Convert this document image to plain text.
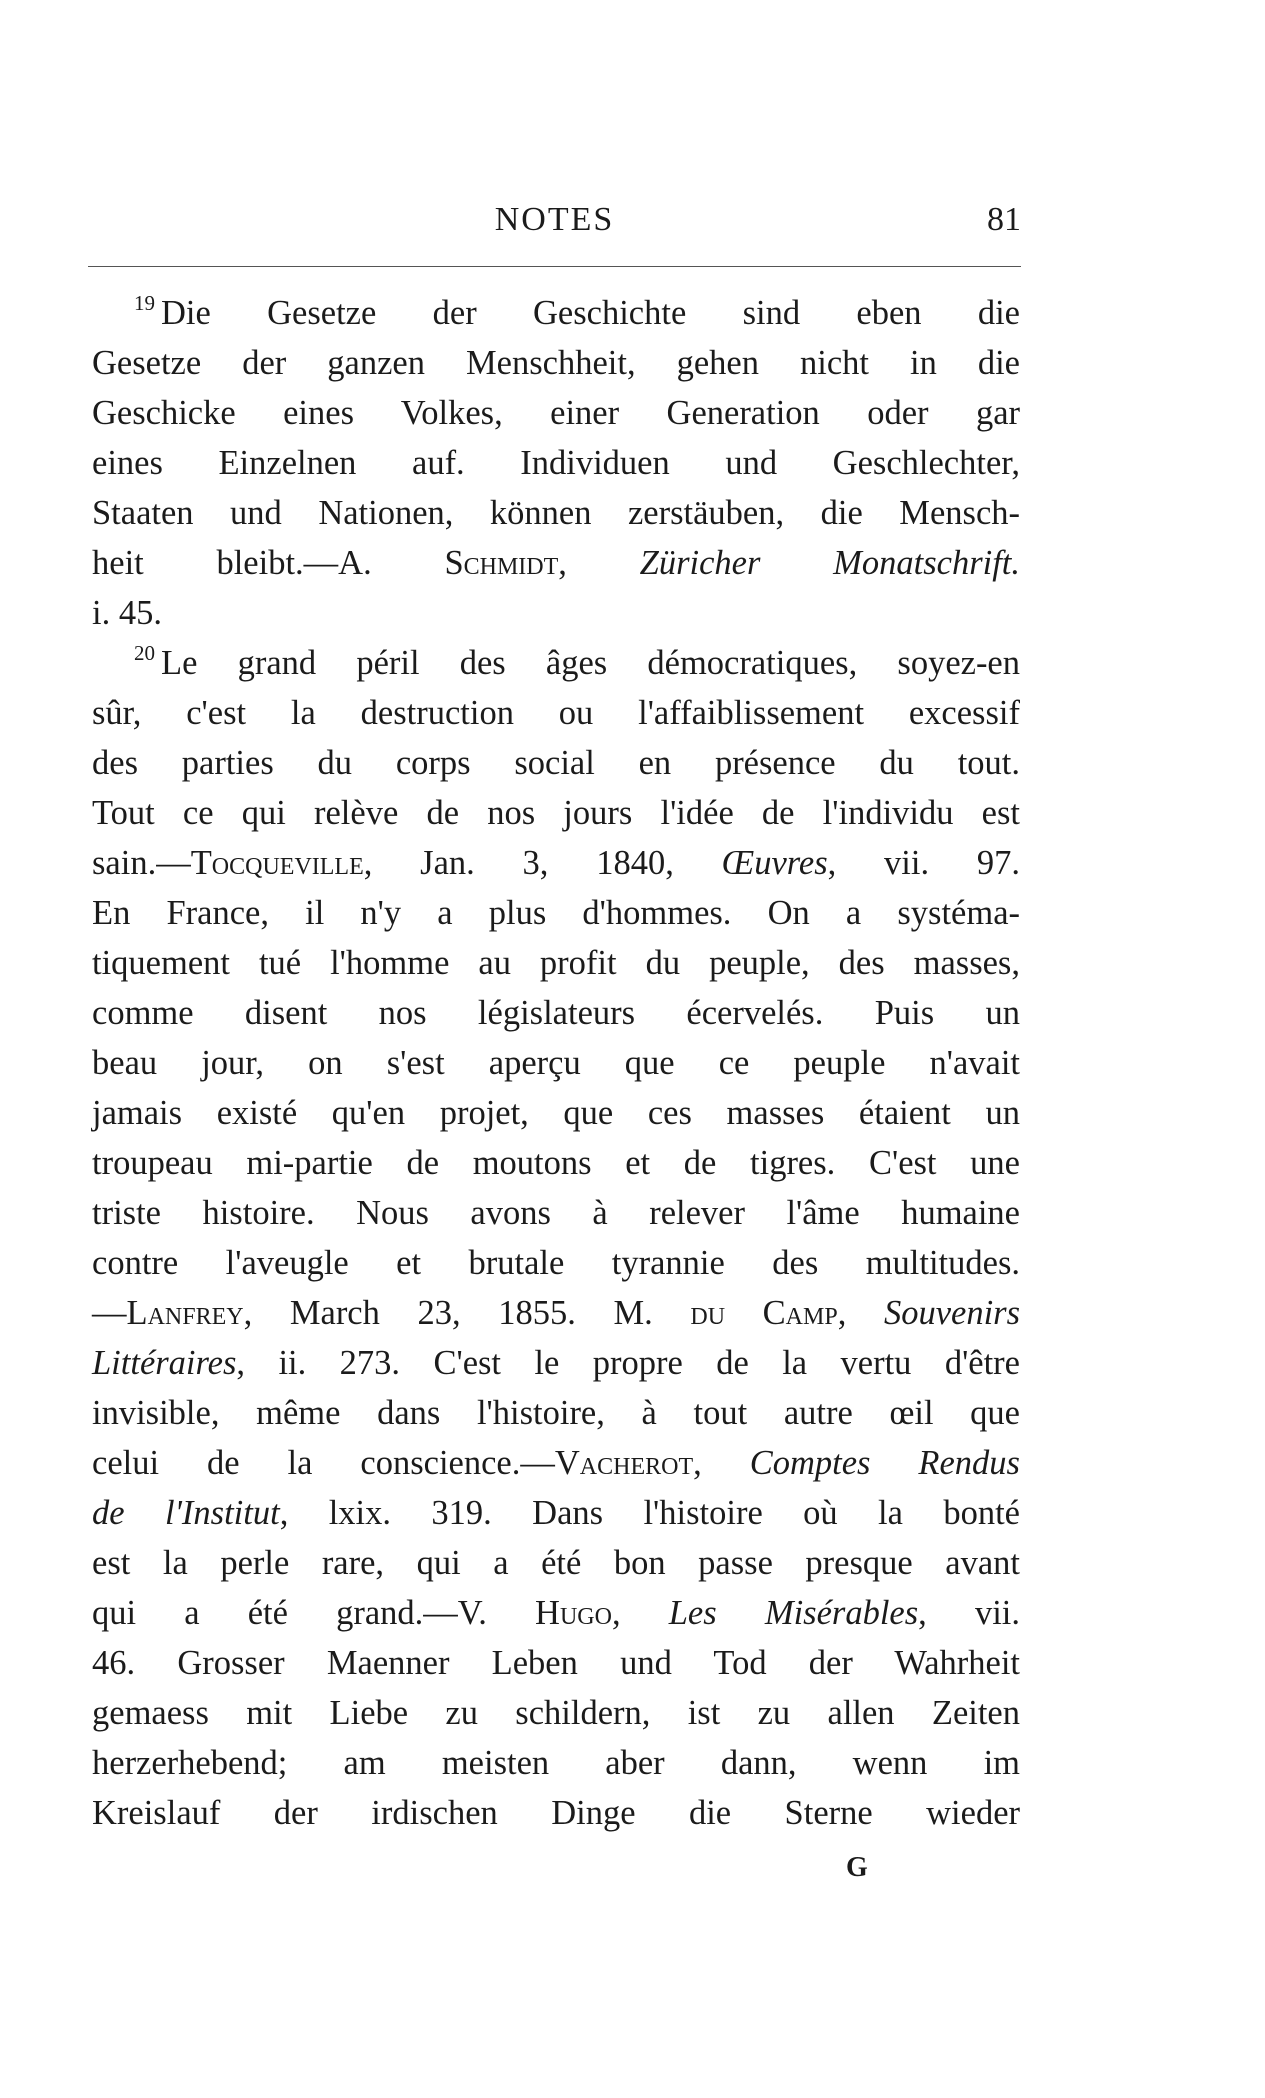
NOTES	81
$^{19}$ Die Gesetze der Geschichte sind eben die
Gesetze der ganzen Menschheit, gehen nicht in die
Geschicke eines Volkes, einer Generation oder gar
eines Einzelnen auf. Individuen und Geschlechter,
Staaten und Nationen, können zerstäuben, die Mensch-
heit bleibt.—A. Schmidt, Züricher Monatschrift.
i. 45.
$^{20}$ Le grand péril des âges démocratiques, soyez-en
sûr, c'est la destruction ou l'affaiblissement excessif
des parties du corps social en présence du tout.
Tout ce qui relève de nos jours l'idée de l'individu est
sain.—Tocqueville, Jan. 3, 1840, Œuvres, vii. 97.
En France, il n'y a plus d'hommes. On a systéma-
tiquement tué l'homme au profit du peuple, des masses,
comme disent nos législateurs écervelés. Puis un
beau jour, on s'est aperçu que ce peuple n'avait
jamais existé qu'en projet, que ces masses étaient un
troupeau mi-partie de moutons et de tigres. C'est une
triste histoire. Nous avons à relever l'âme humaine
contre l'aveugle et brutale tyrannie des multitudes.
—Lanfrey, March 23, 1855. M. du Camp, Souvenirs
Littéraires, ii. 273. C'est le propre de la vertu d'être
invisible, même dans l'histoire, à tout autre œil que
celui de la conscience.—Vacherot, Comptes Rendus
de l'Institut, lxix. 319. Dans l'histoire où la bonté
est la perle rare, qui a été bon passe presque avant
qui a été grand.—V. Hugo, Les Misérables, vii.
46. Grosser Maenner Leben und Tod der Wahrheit
gemaess mit Liebe zu schildern, ist zu allen Zeiten
herzerhebend; am meisten aber dann, wenn im
Kreislauf der irdischen Dinge die Sterne wieder
G
